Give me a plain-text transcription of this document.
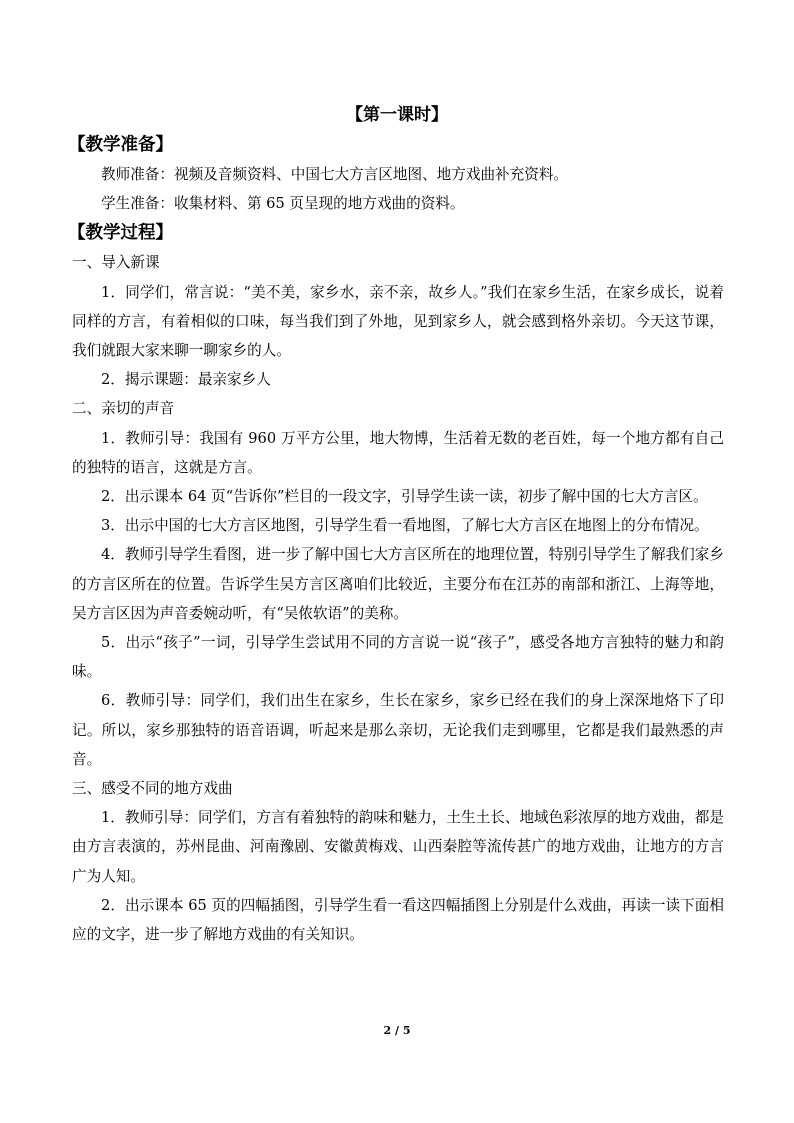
【第一课时】

【教学准备】

教师准备：视频及音频资料、中国七大方言区地图、地方戏曲补充资料。

学生准备：收集材料、第 65 页呈现的地方戏曲的资料。

【教学过程】

一、导入新课

1．同学们，常言说：“美不美，家乡水，亲不亲，故乡人。”我们在家乡生活，在家乡成长，说着同样的方言，有着相似的口味，每当我们到了外地，见到家乡人，就会感到格外亲切。今天这节课，我们就跟大家来聊一聊家乡的人。

2．揭示课题：最亲家乡人

二、亲切的声音

1．教师引导：我国有 960 万平方公里，地大物博，生活着无数的老百姓，每一个地方都有自己的独特的语言，这就是方言。

2．出示课本 64 页“告诉你”栏目的一段文字，引导学生读一读，初步了解中国的七大方言区。

3．出示中国的七大方言区地图，引导学生看一看地图，了解七大方言区在地图上的分布情况。

4．教师引导学生看图，进一步了解中国七大方言区所在的地理位置，特别引导学生了解我们家乡的方言区所在的位置。告诉学生吴方言区离咱们比较近，主要分布在江苏的南部和浙江、上海等地，吴方言区因为声音委婉动听，有“吴侬软语”的美称。

5．出示“孩子”一词，引导学生尝试用不同的方言说一说“孩子”，感受各地方言独特的魅力和韵味。

6．教师引导：同学们，我们出生在家乡，生长在家乡，家乡已经在我们的身上深深地烙下了印记。所以，家乡那独特的语音语调，听起来是那么亲切，无论我们走到哪里，它都是我们最熟悉的声音。

三、感受不同的地方戏曲

1．教师引导：同学们，方言有着独特的韵味和魅力，土生土长、地域色彩浓厚的地方戏曲，都是由方言表演的，苏州昆曲、河南豫剧、安徽黄梅戏、山西秦腔等流传甚广的地方戏曲，让地方的方言广为人知。

2．出示课本 65 页的四幅插图，引导学生看一看这四幅插图上分别是什么戏曲，再读一读下面相应的文字，进一步了解地方戏曲的有关知识。

2 / 5
